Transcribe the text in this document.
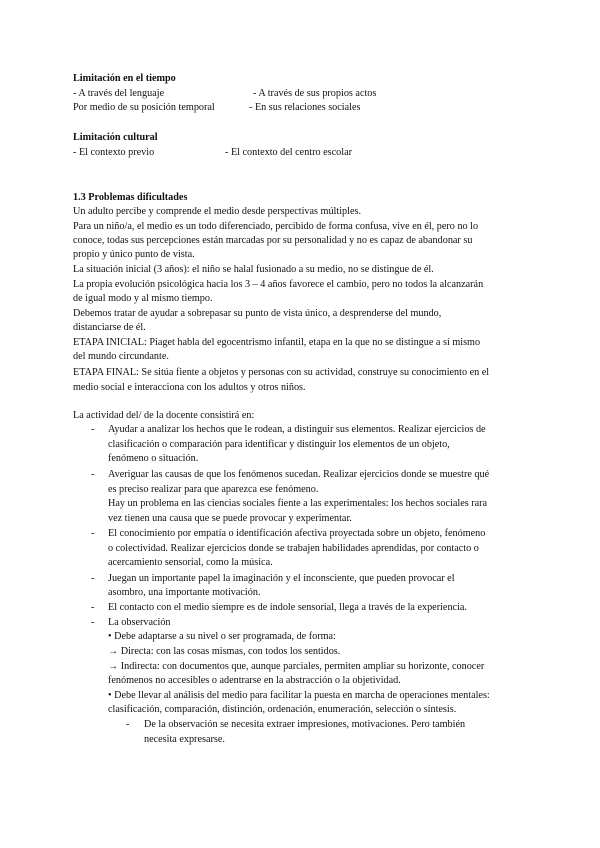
Limitación en el tiempo
- A través del lenguaje	- A través de sus propios actos
Por medio de su posición temporal	- En sus relaciones sociales
Limitación cultural
- El contexto previo	- El contexto del centro escolar
1.3 Problemas dificultades
Un adulto percibe y comprende el medio desde perspectivas múltiples.
Para un niño/a, el medio es un todo diferenciado, percibido de forma confusa, vive en él, pero no lo
conoce, todas sus percepciones están marcadas por su personalidad y no es capaz de abandonar su
propio y único punto de vista.
La situación inicial (3 años): el niño se halal fusionado a su medio, no se distingue de él.
La propia evolución psicológica hacia los 3 – 4 años favorece el cambio, pero no todos la alcanzarán
de igual modo y al mismo tiempo.
Debemos tratar de ayudar a sobrepasar su punto de vista único, a desprenderse del mundo,
distanciarse de él.
ETAPA INICIAL: Piaget habla del egocentrismo infantil, etapa en la que no se distingue a sí mismo
del mundo circundante.
ETAPA FINAL: Se sitúa fiente a objetos y personas con su actividad, construye su conocimiento en el
medio social e interacciona con los adultos y otros niños.
La actividad del/ de la docente consistirá en:
- Ayudar a analizar los hechos que le rodean, a distinguir sus elementos. Realizar ejercicios de
clasificación o comparación para identificar y distinguir los elementos de un objeto,
fenómeno o situación.
- Averiguar las causas de que los fenómenos sucedan. Realizar ejercicios donde se muestre qué
es preciso realizar para que aparezca ese fenómeno.
Hay un problema en las ciencias sociales fiente a las experimentales: los hechos sociales rara
vez tienen una causa que se puede provocar y experimentar.
- El conocimiento por empatía o identificación afectiva proyectada sobre un objeto, fenómeno
o colectividad. Realizar ejercicios donde se trabajen habilidades aprendidas, por contacto o
acercamiento sensorial, como la música.
- Juegan un importante papel la imaginación y el inconsciente, que pueden provocar el
asombro, una importante motivación.
- El contacto con el medio siempre es de índole sensorial, llega a través de la experiencia.
- La observación
• Debe adaptarse a su nivel o ser programada, de forma:
→ Directa: con las cosas mismas, con todos los sentidos.
→ Indirecta: con documentos que, aunque parciales, permiten ampliar su horizonte, conocer
fenómenos no accesibles o adentrarse en la abstracción o la objetividad.
• Debe llevar al análisis del medio para facilitar la puesta en marcha de operaciones mentales:
clasificación, comparación, distinción, ordenación, enumeración, selección o síntesis.
- De la observación se necesita extraer impresiones, motivaciones. Pero también
necesita expresarse.
